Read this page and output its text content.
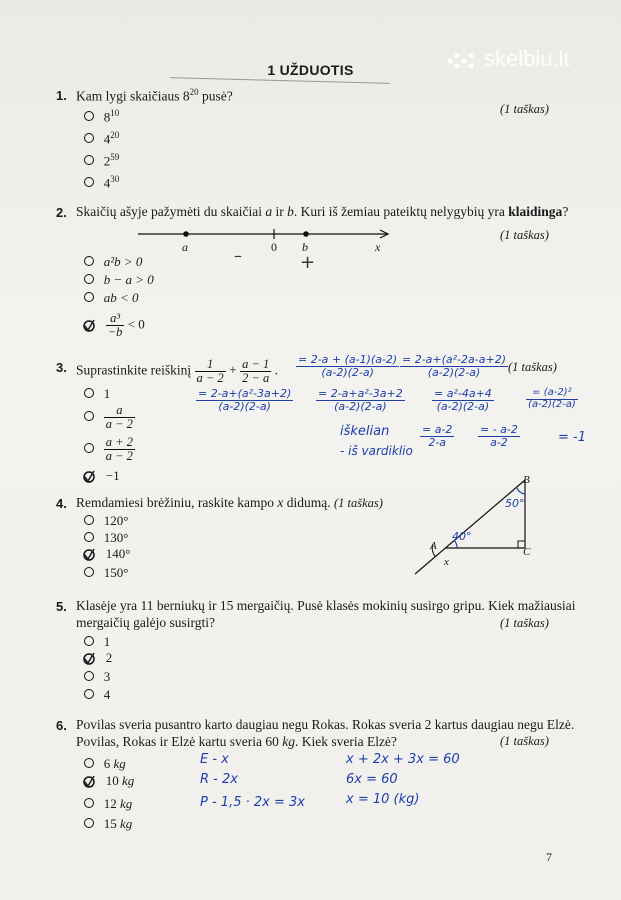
skelbiu.lt
1 UŽDUOTIS
1. Kam lygi skaičiaus $8^{20}$ pusė?
(1 taškas)
$8^{10}$
$4^{20}$
$2^{59}$
$4^{30}$
2. Skaičių ašyje pažymėti du skaičiai a ir b. Kuri iš žemiau pateiktų nelygybių yra klaidinga?
(1 taškas)
a	0 b	x
–	+
a²b > 0
b − a > 0
ab < 0

$\frac{\text{a³}}{-b} < 0$
3. Suprastinkite reiškinį $\frac{1}{a - 2} + \frac{a - 1}{2 - a}$ .	(1 taškas)
$\frac{= 2-a + (a-1)(a-2)}{(a-2)(2-a)} \frac{\text{= 2-a+(a²-2a-a+2)}}{(a-2)(2-a)}$
$\frac{\text{= 2-a+(a²-3a+2)}}{(a-2)(2-a)} \frac{\text{= 2-a+a²-3a+2}}{(a-2)(2-a)} \frac{\text{= a²-4a+4}}{(a-2)(2-a)}$	$\frac{\text{= (a-2)²}}{(a-2)(2-a)}$
iškelian
- iš vardiklio
$\frac{= a-2}{2-a} \frac{= - a-2}{a-2}$	= -1
1

$\frac{a}{a - 2}$

$\frac{a + 2}{a - 2}$
−1
4. Remdamiesi brėžiniu, raskite kampo x didumą. (1 taškas)
120°
130°
140°
150°
B
A	C
x
50°
40°
5. Klasėje yra 11 berniukų ir 15 mergaičių. Pusė klasės mokinių susirgo gripu. Kiek mažiausiai
mergaičių galėjo susirgti?	(1 taškas)
1
2
3
4
6. Povilas sveria pusantro karto daugiau negu Rokas. Rokas sveria 2 kartus daugiau negu Elzė.
Povilas, Rokas ir Elzė kartu sveria 60 kg. Kiek sveria Elzė?	(1 taškas)
6 kg
10 kg
12 kg
15 kg
E - x
R - 2x
P - 1,5 · 2x = 3x
x + 2x + 3x = 60
6x = 60
x = 10 (kg)
7
